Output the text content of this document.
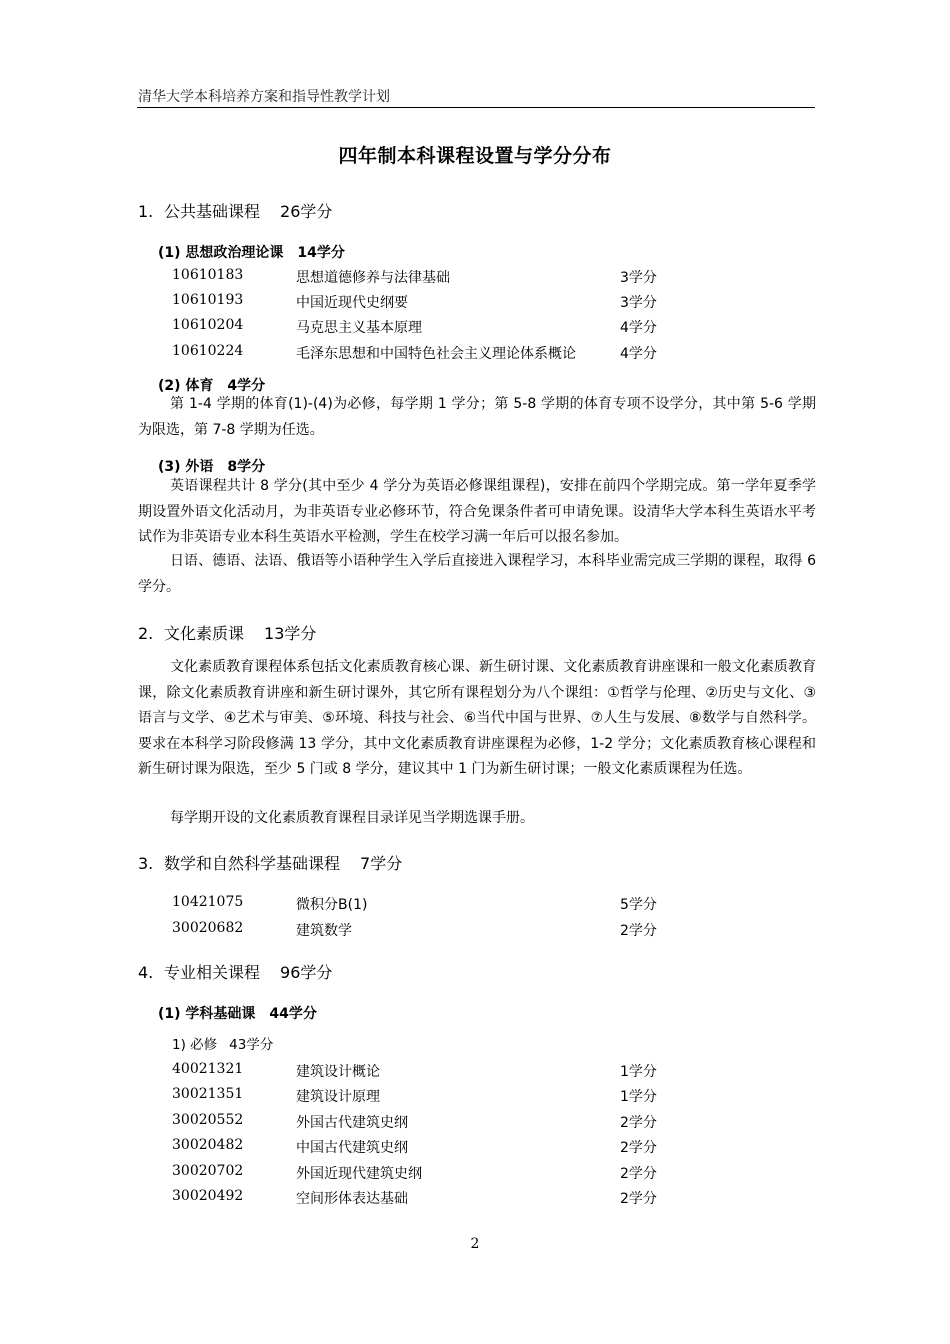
清华大学本科培养方案和指导性教学计划
四年制本科课程设置与学分分布
1. 公共基础课程 26学分
(1) 思想政治理论课 14学分
10610183	思想道德修养与法律基础	3学分
10610193	中国近现代史纲要	3学分
10610204	马克思主义基本原理	4学分
10610224	毛泽东思想和中国特色社会主义理论体系概论	4学分
(2) 体育 4学分

第 1-4 学期的体育(1)-(4)为必修，每学期 1 学分；第 5-8 学期的体育专项不设学分，其中第 5-6 学期为限选，第 7-8 学期为任选。

(3) 外语 8学分

英语课程共计 8 学分(其中至少 4 学分为英语必修课组课程)，安排在前四个学期完成。第一学年夏季学期设置外语文化活动月，为非英语专业必修环节，符合免课条件者可申请免课。设清华大学本科生英语水平考试作为非英语专业本科生英语水平检测，学生在校学习满一年后可以报名参加。

日语、德语、法语、俄语等小语种学生入学后直接进入课程学习，本科毕业需完成三学期的课程，取得 6 学分。

2. 文化素质课 13学分

文化素质教育课程体系包括文化素质教育核心课、新生研讨课、文化素质教育讲座课和一般文化素质教育课，除文化素质教育讲座和新生研讨课外，其它所有课程划分为八个课组：①哲学与伦理、②历史与文化、③语言与文学、④艺术与审美、⑤环境、科技与社会、⑥当代中国与世界、⑦人生与发展、⑧数学与自然科学。要求在本科学习阶段修满 13 学分，其中文化素质教育讲座课程为必修，1-2 学分；文化素质教育核心课程和新生研讨课为限选，至少 5 门或 8 学分，建议其中 1 门为新生研讨课；一般文化素质课程为任选。

每学期开设的文化素质教育课程目录详见当学期选课手册。

3. 数学和自然科学基础课程 7学分
10421075	微积分B(1)	5学分
30020682	建筑数学	2学分
4. 专业相关课程 96学分
(1) 学科基础课 44学分
1) 必修 43学分
40021321	建筑设计概论	1学分
30021351	建筑设计原理	1学分
30020552	外国古代建筑史纲	2学分
30020482	中国古代建筑史纲	2学分
30020702	外国近现代建筑史纲	2学分
30020492	空间形体表达基础	2学分
2
